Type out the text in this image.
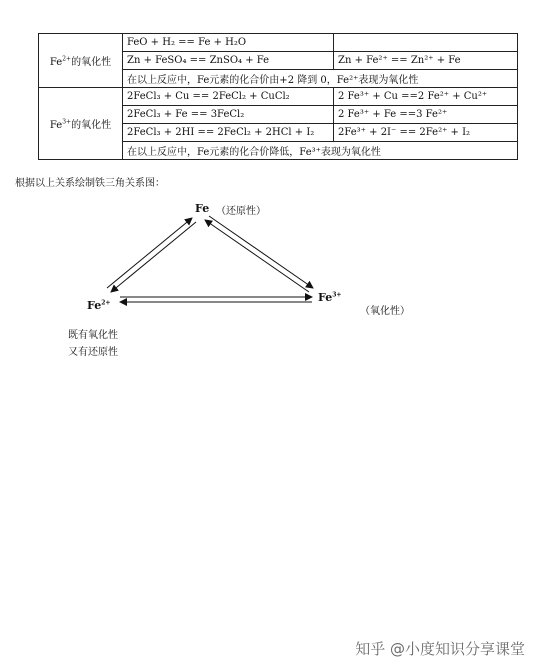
$Fe^{2+}$的氧化性	FeO + H₂ == Fe + H₂O	
	Zn + FeSO₄ == ZnSO₄ + Fe	Zn + Fe²⁺ == Zn²⁺ + Fe
	在以上反应中，Fe元素的化合价由+2 降到 0，Fe²⁺表现为氧化性	
$Fe^{3+}$的氧化性	2FeCl₃ + Cu == 2FeCl₂ + CuCl₂	2 Fe³⁺ + Cu ==2 Fe²⁺ + Cu²⁺
	2FeCl₃ + Fe == 3FeCl₂	2 Fe³⁺ + Fe ==3 Fe²⁺
	2FeCl₃ + 2HI == 2FeCl₂ + 2HCl + I₂	2Fe³⁺ + 2I⁻ == 2Fe²⁺ + I₂
	在以上反应中，Fe元素的化合价降低，Fe³⁺表现为氧化性	
根据以上关系绘制铁三角关系图：
Fe （还原性）
$Fe^{2+}$	$Fe^{3+}$
（氧化性）
既有氧化性
又有还原性
知乎 @小度知识分享课堂
